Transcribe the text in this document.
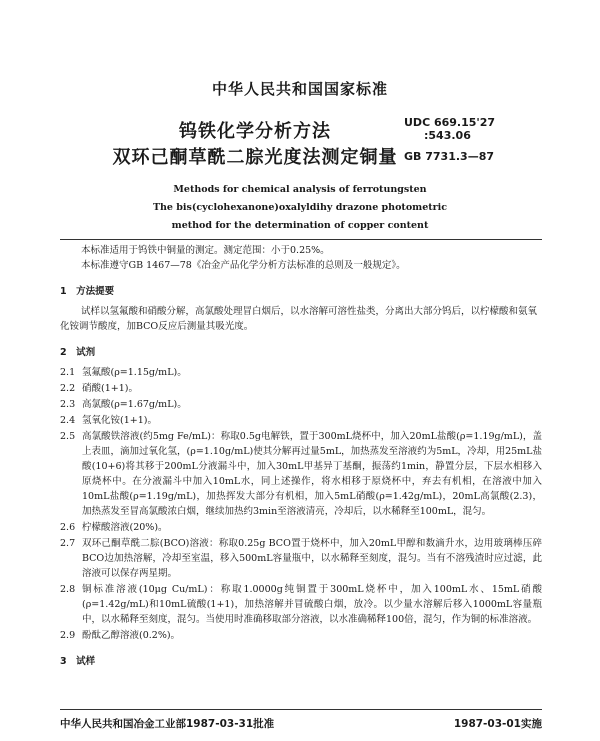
中华人民共和国国家标准
钨铁化学分析方法
双环己酮草酰二腙光度法测定铜量
UDC 669.15'27
:543.06
GB 7731.3—87
Methods for chemical analysis of ferrotungsten
The bis(cyclohexanone)oxalyldihy drazone photometric
method for the determination of copper content

本标准适用于钨铁中铜量的测定。测定范围：小于0.25%。

本标准遵守GB 1467—78《冶金产品化学分析方法标准的总则及一般规定》。

1　方法提要

试样以氢氟酸和硝酸分解，高氯酸处理冒白烟后，以水溶解可溶性盐类，分离出大部分钨后，以柠檬酸和氨氧化铵调节酸度，加BCO反应后测量其吸光度。

2　试剂
2.1 氢氟酸(ρ=1.15g/mL)。
2.2 硝酸(1+1)。
2.3 高氯酸(ρ=1.67g/mL)。
2.4 氢氧化铵(1+1)。
2.5 高氯酸铁溶液(约5mg Fe/mL)：称取0.5g电解铁，置于300mL烧杯中，加入20mL盐酸(ρ=1.19g/mL)，盖上表皿，滴加过氧化氢，(ρ=1.10g/mL)使其分解再过量5mL，加热蒸发至溶液约为5mL，冷却，用25mL盐酸(10+6)将其移于200mL分液漏斗中，加入30mL甲基异丁基酮，振荡约1min，静置分层，下层水相移入原烧杯中。在分液漏斗中加入10mL水，同上述操作，将水相移于原烧杯中，弃去有机相，在溶液中加入10mL盐酸(ρ=1.19g/mL)，加热挥发大部分有机相，加入5mL硝酸(ρ=1.42g/mL)，20mL高氯酸(2.3)，加热蒸发至冒高氯酸浓白烟，继续加热约3min至溶液清亮，冷却后，以水稀释至100mL，混匀。
2.6 柠檬酸溶液(20%)。
2.7 双环己酮草酰二腙(BCO)溶液：称取0.25g BCO置于烧杯中，加入20mL甲醇和数滴升水，边用玻璃棒压碎BCO边加热溶解，冷却至室温，移入500mL容量瓶中，以水稀释至刻度，混匀。当有不溶残渣时应过滤，此溶液可以保存两星期。
2.8 铜标准溶液(10μg Cu/mL)：称取1.0000g纯铜置于300mL烧杯中，加入100mL水、15mL硝酸(ρ=1.42g/mL)和10mL硫酸(1+1)，加热溶解并冒硫酸白烟，放冷。以少量水溶解后移入1000mL容量瓶中，以水稀释至刻度，混匀。当使用时准确移取部分溶液，以水准确稀释100倍，混匀，作为铜的标准溶液。
2.9 酚酞乙醇溶液(0.2%)。
3　试样
中华人民共和国冶金工业部1987-03-31批准	1987-03-01实施
